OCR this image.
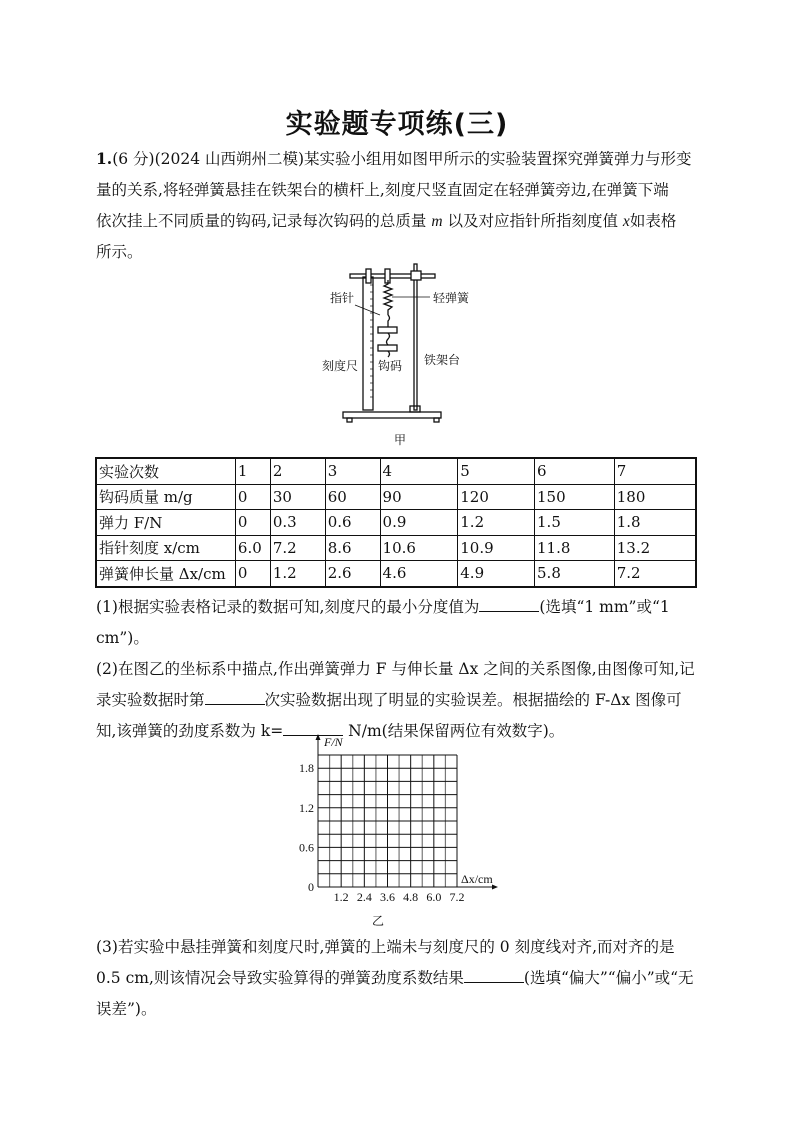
实验题专项练(三)
1.(6 分)(2024 山西朔州二模)某实验小组用如图甲所示的实验装置探究弹簧弹力与形变
量的关系,将轻弹簧悬挂在铁架台的横杆上,刻度尺竖直固定在轻弹簧旁边,在弹簧下端
依次挂上不同质量的钩码,记录每次钩码的总质量 m 以及对应指针所指刻度值 x如表格
所示。
指针	轻弹簧
刻度尺 钩码 铁架台
甲
实验次数	1	2	3	4	5	6	7
钩码质量 m/g	0	30	60	90	120	150	180
弹力 F/N	0	0.3	0.6	0.9	1.2	1.5	1.8
指针刻度 x/cm	6.0	7.2	8.6	10.6	10.9	11.8	13.2
弹簧伸长量 Δx/cm	0	1.2	2.6	4.6	4.9	5.8	7.2
(1)根据实验表格记录的数据可知,刻度尺的最小分度值为	(选填“1 mm”或“1
cm”)。
(2)在图乙的坐标系中描点,作出弹簧弹力 F 与伸长量 Δx 之间的关系图像,由图像可知,记
录实验数据时第	次实验数据出现了明显的实验误差。根据描绘的 F-Δx 图像可
知,该弹簧的劲度系数为 k=	N/m(结果保留两位有效数字)。
1.2 2.4 3.6 4.8 6.0 7.2
0
0.6
1.2
1.8
Δx/cm
F/N
乙
(3)若实验中悬挂弹簧和刻度尺时,弹簧的上端未与刻度尺的 0 刻度线对齐,而对齐的是
0.5 cm,则该情况会导致实验算得的弹簧劲度系数结果	(选填“偏大”“偏小”或“无
误差”)。
